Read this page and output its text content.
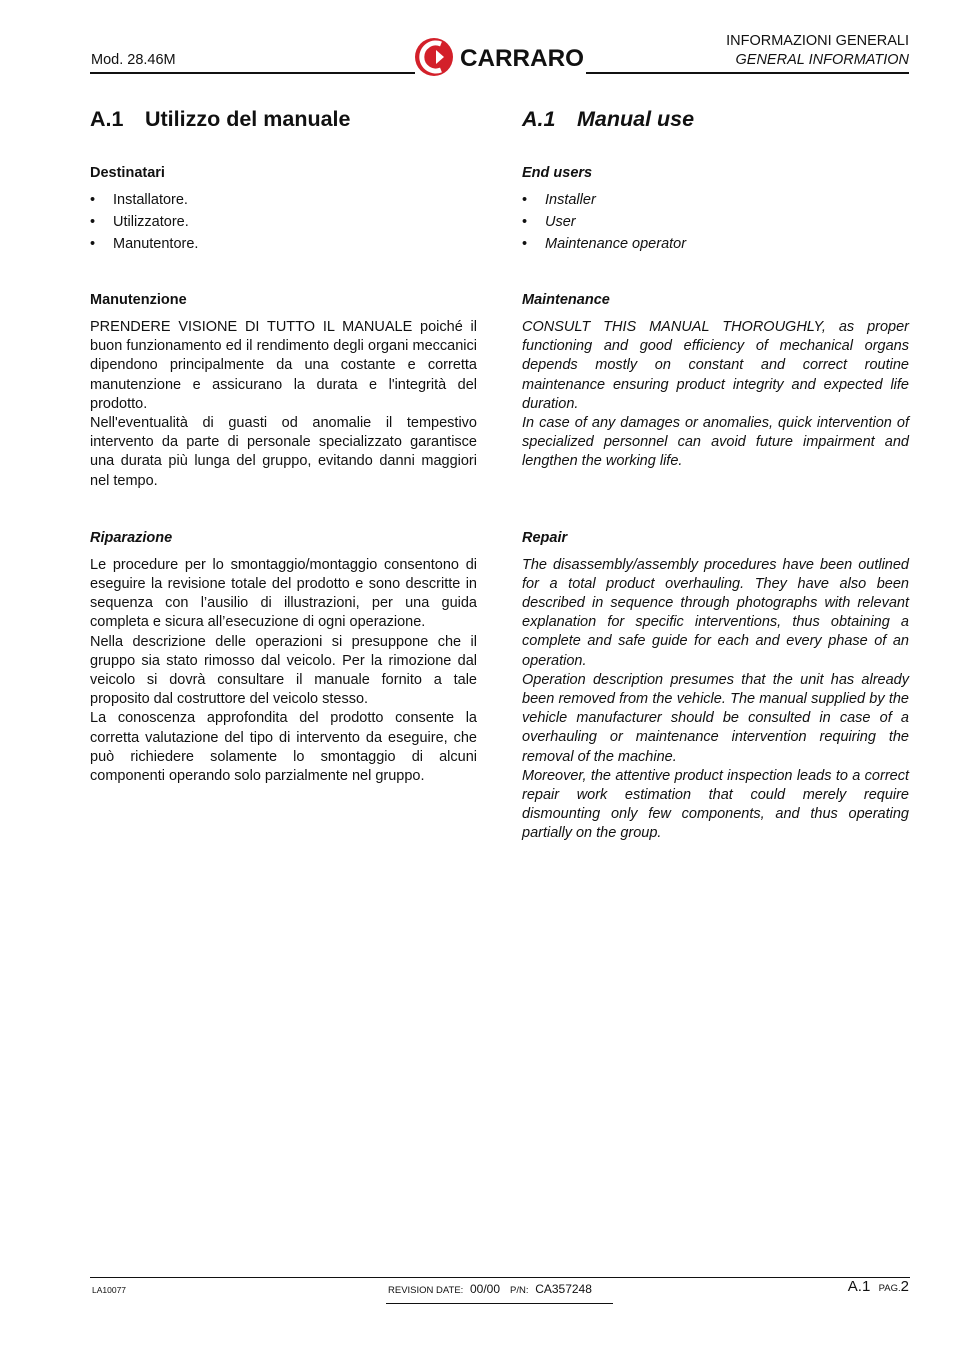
Mod. 28.46M	CARRARO
INFORMAZIONI GENERALI
GENERAL INFORMATION
A.1 Utilizzo del manuale
Destinatari
• Installatore.
• Utilizzatore.
• Manutentore.
Manutenzione

PRENDERE VISIONE DI TUTTO IL MANUALE poiché il buon funzionamento ed il rendimento degli organi meccanici dipendono principalmente da una costante e corretta manutenzione e assicurano la durata e l'integrità del prodotto.

Nell'eventualità di guasti od anomalie il tempestivo intervento da parte di personale specializzato garantisce una durata più lunga del gruppo, evitando danni maggiori nel tempo.

Riparazione

Le procedure per lo smontaggio/montaggio consentono di eseguire la revisione totale del prodotto e sono descritte in sequenza con l’ausilio di illustrazioni, per una guida completa e sicura all’esecuzione di ogni operazione.

Nella descrizione delle operazioni si presuppone che il gruppo sia stato rimosso dal veicolo. Per la rimozione dal veicolo si dovrà consultare il manuale fornito a tale proposito dal costruttore del veicolo stesso.

La conoscenza approfondita del prodotto consente la corretta valutazione del tipo di intervento da eseguire, che può richiedere solamente lo smontaggio di alcuni componenti operando solo parzialmente nel gruppo.

A.1 Manual use
End users
• Installer
• User
• Maintenance operator
Maintenance

CONSULT THIS MANUAL THOROUGHLY, as proper functioning and good efficiency of mechanical organs depends mostly on constant and correct routine maintenance ensuring product integrity and expected life duration.

In case of any damages or anomalies, quick intervention of specialized personnel can avoid future impairment and lengthen the working life.

Repair

The disassembly/assembly procedures have been outlined for a total product overhauling. They have also been described in sequence through photographs with relevant explanation for specific interventions, thus obtaining a complete and safe guide for each and every phase of an operation.

Operation description presumes that the unit has already been removed from the vehicle. The manual supplied by the vehicle manufacturer should be consulted in case of a overhauling or maintenance intervention requiring the removal of the machine.

Moreover, the attentive product inspection leads to a correct repair work estimation that could merely require dismounting only few components, and thus operating partially on the group.

LA10077	REVISION DATE: 00/00 P/N: CA357248	A.1 PAG.2
